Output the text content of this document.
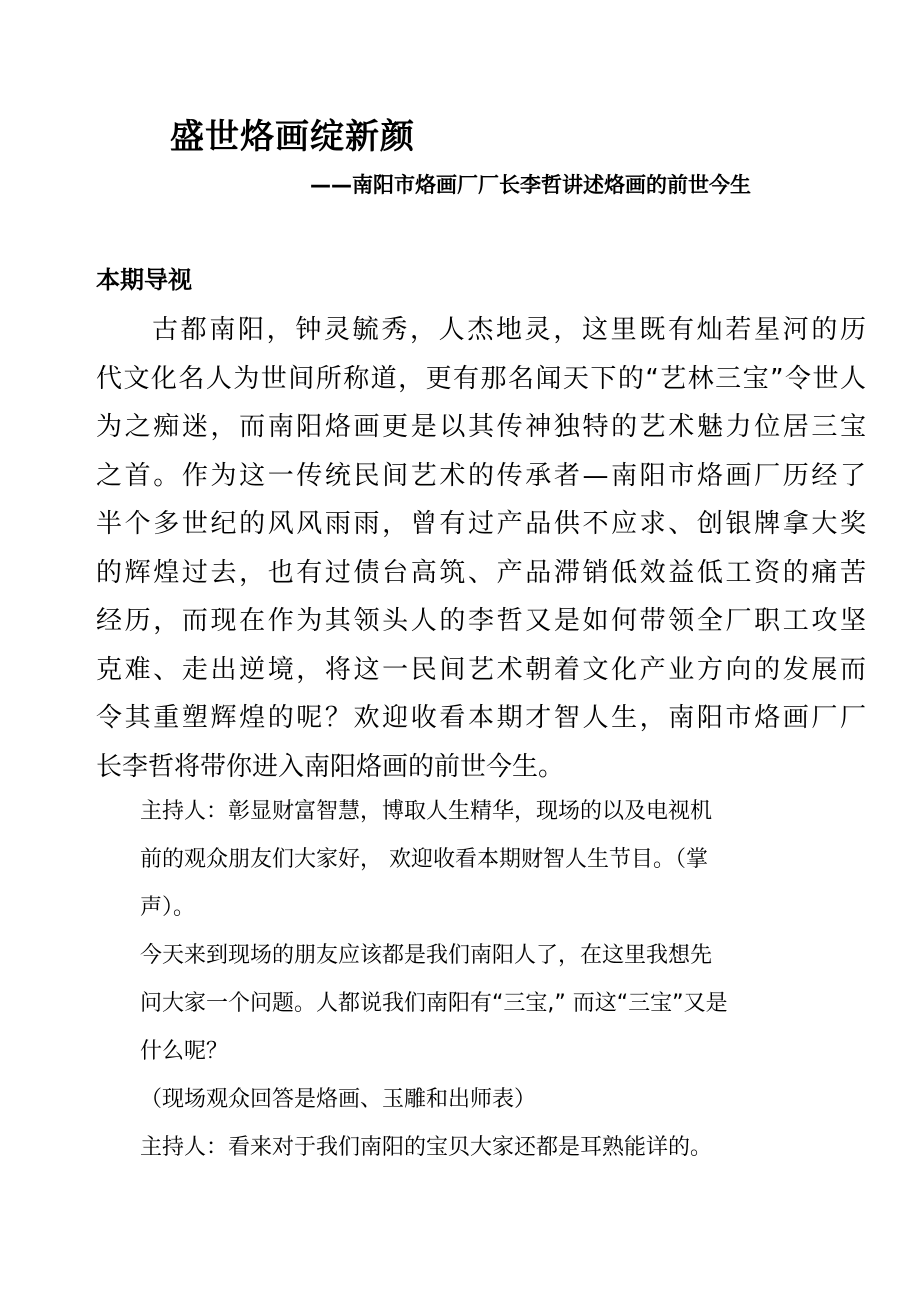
盛世烙画绽新颜
——南阳市烙画厂厂长李哲讲述烙画的前世今生
本期导视
古都南阳，钟灵毓秀，人杰地灵，这里既有灿若星河的历
代文化名人为世间所称道，更有那名闻天下的“艺林三宝”令世人
为之痴迷，而南阳烙画更是以其传神独特的艺术魅力位居三宝
之首。作为这一传统民间艺术的传承者—南阳市烙画厂历经了
半个多世纪的风风雨雨，曾有过产品供不应求、创银牌拿大奖
的辉煌过去，也有过债台高筑、产品滞销低效益低工资的痛苦
经历，而现在作为其领头人的李哲又是如何带领全厂职工攻坚
克难、走出逆境，将这一民间艺术朝着文化产业方向的发展而
令其重塑辉煌的呢？欢迎收看本期才智人生，南阳市烙画厂厂
长李哲将带你进入南阳烙画的前世今生。
主持人：彰显财富智慧，博取人生精华，现场的以及电视机
前的观众朋友们大家好， 欢迎收看本期财智人生节目。（掌
声）。
今天来到现场的朋友应该都是我们南阳人了，在这里我想先
问大家一个问题。人都说我们南阳有“三宝,” 而这“三宝”又是
什么呢？
（现场观众回答是烙画、玉雕和出师表）
主持人：看来对于我们南阳的宝贝大家还都是耳熟能详的。
